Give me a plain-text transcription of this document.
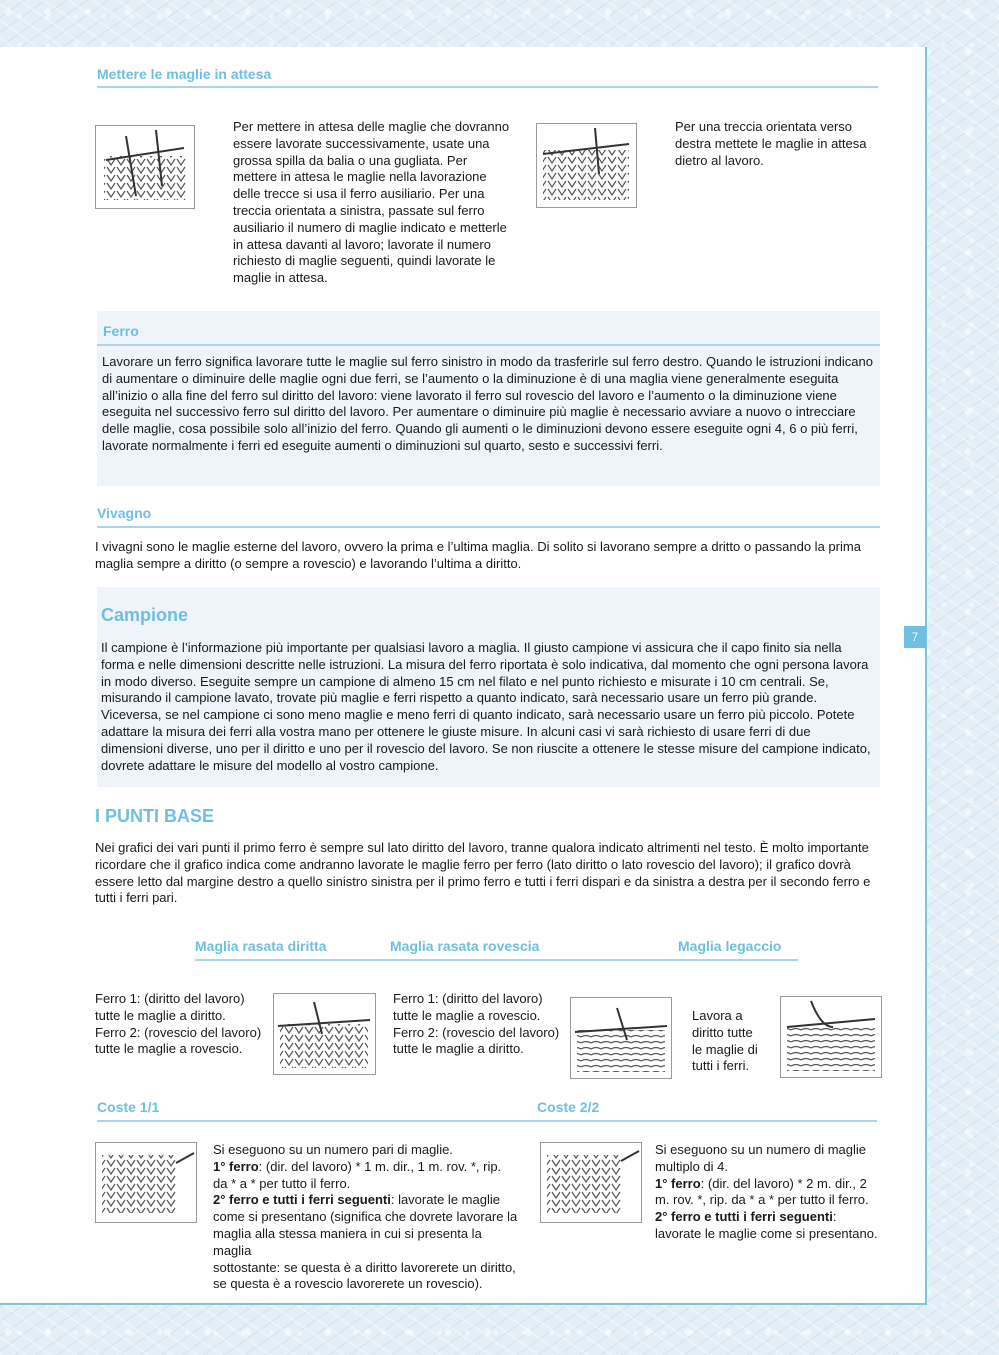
7
Mettere le maglie in attesa
Per mettere in attesa delle maglie che dovranno essere lavorate successivamente, usate una grossa spilla da balia o una gugliata. Per mettere in attesa le maglie nella lavorazione delle trecce si usa il ferro ausiliario. Per una treccia orientata a sinistra, passate sul ferro ausiliario il numero di maglie indicato e metterle in attesa davanti al lavoro; lavorate il numero richiesto di maglie seguenti, quindi lavorate le maglie in attesa.
Per una treccia orientata verso destra mettete le maglie in attesa dietro al lavoro.
Ferro
Lavorare un ferro significa lavorare tutte le maglie sul ferro sinistro in modo da trasferirle sul ferro destro. Quando le istruzioni indicano di aumentare o diminuire delle maglie ogni due ferri, se l’aumento o la diminuzione è di una maglia viene generalmente eseguita all’inizio o alla fine del ferro sul diritto del lavoro: viene lavorato il ferro sul rovescio del lavoro e l’aumento o la diminuzione viene eseguita nel successivo ferro sul diritto del lavoro. Per aumentare o diminuire più maglie è necessario avviare a nuovo o intrecciare delle maglie, cosa possibile solo all’inizio del ferro. Quando gli aumenti o le diminuzioni devono essere eseguite ogni 4, 6 o più ferri, lavorate normalmente i ferri ed eseguite aumenti o diminuzioni sul quarto, sesto e successivi ferri.
Vivagno
I vivagni sono le maglie esterne del lavoro, ovvero la prima e l’ultima maglia. Di solito si lavorano sempre a dritto o passando la prima maglia sempre a diritto (o sempre a rovescio) e lavorando l’ultima a diritto.
Campione
Il campione è l’informazione più importante per qualsiasi lavoro a maglia. Il giusto campione vi assicura che il capo finito sia nella forma e nelle dimensioni descritte nelle istruzioni. La misura del ferro riportata è solo indicativa, dal momento che ogni persona lavora in modo diverso. Eseguite sempre un campione di almeno 15 cm nel filato e nel punto richiesto e misurate i 10 cm centrali. Se, misurando il campione lavato, trovate più maglie e ferri rispetto a quanto indicato, sarà necessario usare un ferro più grande. Viceversa, se nel campione ci sono meno maglie e meno ferri di quanto indicato, sarà necessario usare un ferro più piccolo. Potete adattare la misura dei ferri alla vostra mano per ottenere le giuste misure. In alcuni casi vi sarà richiesto di usare ferri di due dimensioni diverse, uno per il diritto e uno per il rovescio del lavoro. Se non riuscite a ottenere le stesse misure del campione indicato, dovrete adattare le misure del modello al vostro campione.
I PUNTI BASE
Nei grafici dei vari punti il primo ferro è sempre sul lato diritto del lavoro, tranne qualora indicato altrimenti nel testo. È molto importante ricordare che il grafico indica come andranno lavorate le maglie ferro per ferro (lato diritto o lato rovescio del lavoro); il grafico dovrà essere letto dal margine destro a quello sinistro sinistra per il primo ferro e tutti i ferri dispari e da sinistra a destra per il secondo ferro e tutti i ferri pari.
Maglia rasata diritta	Maglia rasata rovescia	Maglia legaccio
Ferro 1: (diritto del lavoro)
tutte le maglie a diritto.
Ferro 2: (rovescio del lavoro)
tutte le maglie a rovescio.
Ferro 1: (diritto del lavoro)
tutte le maglie a rovescio.
Ferro 2: (rovescio del lavoro)
tutte le maglie a diritto.
Lavora a
diritto tutte
le maglie di
tutti i ferri.
Coste 1/1
Si eseguono su un numero pari di maglie.
1° ferro: (dir. del lavoro) * 1 m. dir., 1 m. rov. *, rip.
da * a * per tutto il ferro.
2° ferro e tutti i ferri seguenti: lavorate le maglie
come si presentano (significa che dovrete lavorare la
maglia alla stessa maniera in cui si presenta la maglia
sottostante: se questa è a diritto lavorerete un diritto,
se questa è a rovescio lavorerete un rovescio).
Coste 2/2
Si eseguono su un numero di maglie
multiplo di 4.
1° ferro: (dir. del lavoro) * 2 m. dir., 2
m. rov. *, rip. da * a * per tutto il ferro.
2° ferro e tutti i ferri seguenti:
lavorate le maglie come si presentano.
